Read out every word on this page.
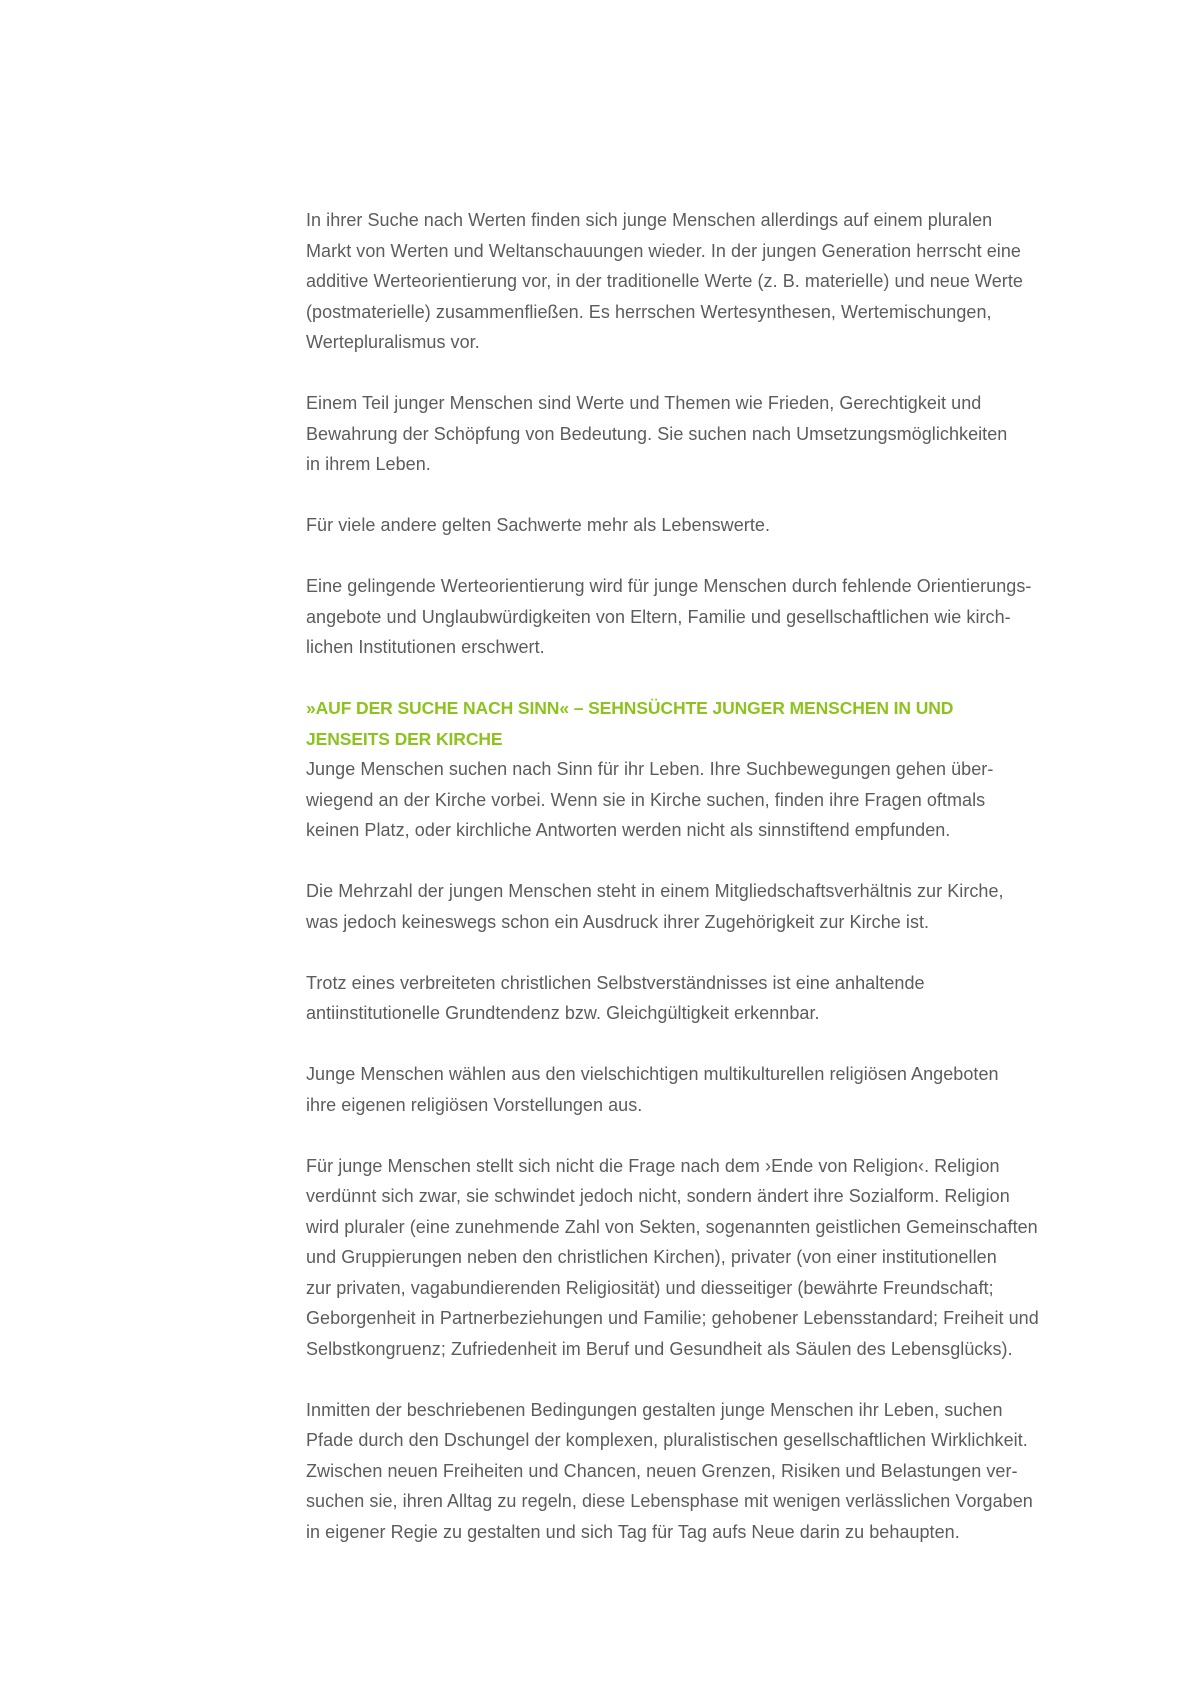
In ihrer Suche nach Werten finden sich junge Menschen allerdings auf einem pluralen
Markt von Werten und Weltanschauungen wieder. In der jungen Generation herrscht eine
additive Werteorientierung vor, in der traditionelle Werte (z. B. materielle) und neue Werte
(postmaterielle) zusammenfließen. Es herrschen Wertesynthesen, Wertemischungen,
Wertepluralismus vor.

Einem Teil junger Menschen sind Werte und Themen wie Frieden, Gerechtigkeit und
Bewahrung der Schöpfung von Bedeutung. Sie suchen nach Umsetzungsmöglichkeiten
in ihrem Leben.

Für viele andere gelten Sachwerte mehr als Lebenswerte.

Eine gelingende Werteorientierung wird für junge Menschen durch fehlende Orientierungs-
angebote und Unglaubwürdigkeiten von Eltern, Familie und gesellschaftlichen wie kirch-
lichen Institutionen erschwert.

»AUF DER SUCHE NACH SINN« – SEHNSÜCHTE JUNGER MENSCHEN IN UND
JENSEITS DER KIRCHE

Junge Menschen suchen nach Sinn für ihr Leben. Ihre Suchbewegungen gehen über-
wiegend an der Kirche vorbei. Wenn sie in Kirche suchen, finden ihre Fragen oftmals
keinen Platz, oder kirchliche Antworten werden nicht als sinnstiftend empfunden.

Die Mehrzahl der jungen Menschen steht in einem Mitgliedschaftsverhältnis zur Kirche,
was jedoch keineswegs schon ein Ausdruck ihrer Zugehörigkeit zur Kirche ist.

Trotz eines verbreiteten christlichen Selbstverständnisses ist eine anhaltende
antiinstitutionelle Grundtendenz bzw. Gleichgültigkeit erkennbar.

Junge Menschen wählen aus den vielschichtigen multikulturellen religiösen Angeboten
ihre eigenen religiösen Vorstellungen aus.

Für junge Menschen stellt sich nicht die Frage nach dem ›Ende von Religion‹. Religion
verdünnt sich zwar, sie schwindet jedoch nicht, sondern ändert ihre Sozialform. Religion
wird pluraler (eine zunehmende Zahl von Sekten, sogenannten geistlichen Gemeinschaften
und Gruppierungen neben den christlichen Kirchen), privater (von einer institutionellen
zur privaten, vagabundierenden Religiosität) und diesseitiger (bewährte Freundschaft;
Geborgenheit in Partnerbeziehungen und Familie; gehobener Lebensstandard; Freiheit und
Selbstkongruenz; Zufriedenheit im Beruf und Gesundheit als Säulen des Lebensglücks).

Inmitten der beschriebenen Bedingungen gestalten junge Menschen ihr Leben, suchen
Pfade durch den Dschungel der komplexen, pluralistischen gesellschaftlichen Wirklichkeit.
Zwischen neuen Freiheiten und Chancen, neuen Grenzen, Risiken und Belastungen ver-
suchen sie, ihren Alltag zu regeln, diese Lebensphase mit wenigen verlässlichen Vorgaben
in eigener Regie zu gestalten und sich Tag für Tag aufs Neue darin zu behaupten.
